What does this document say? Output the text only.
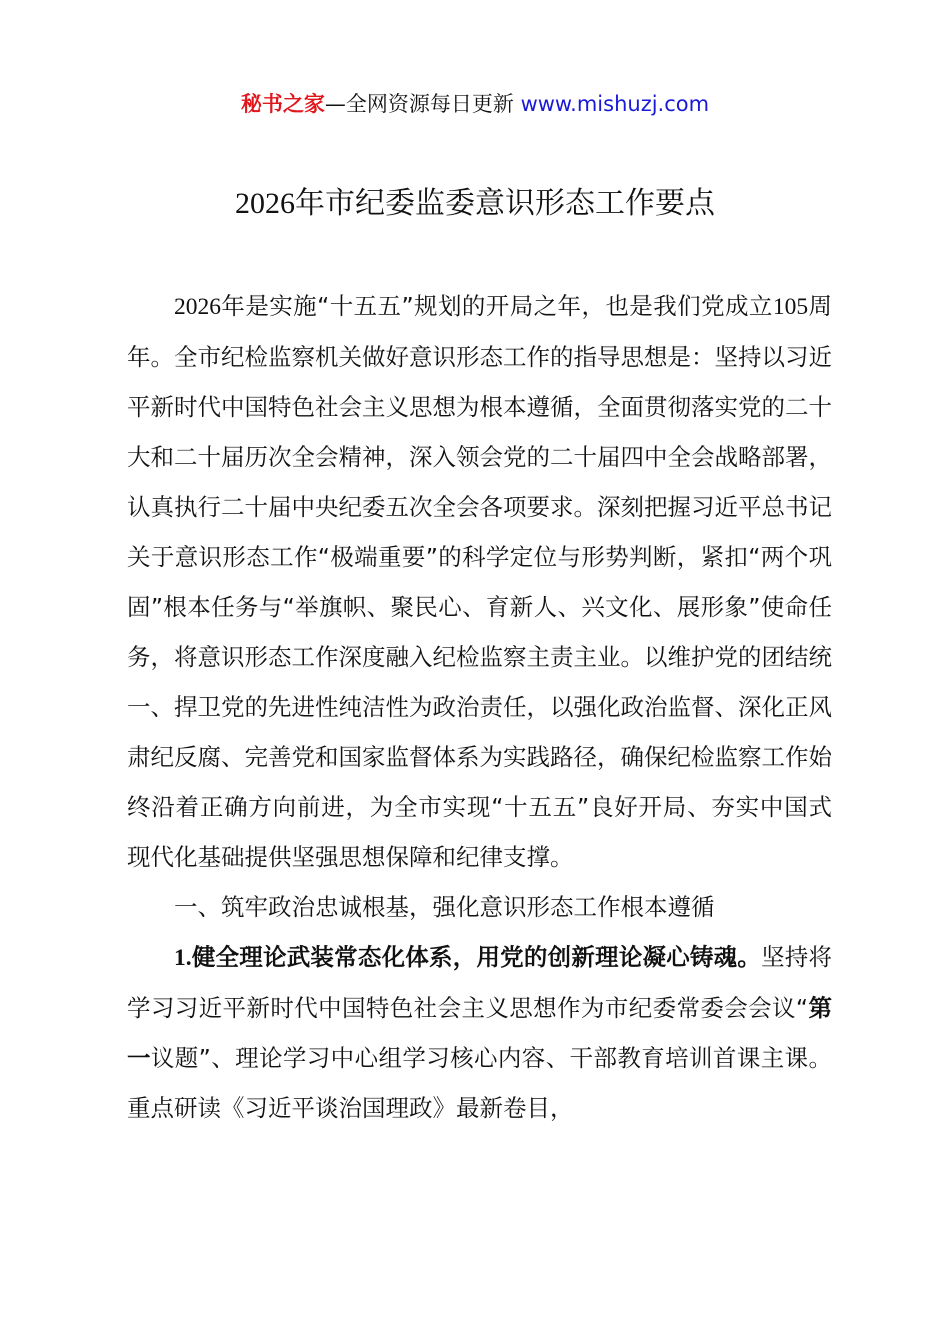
秘书之家—全网资源每日更新 www.mishuzj.com
2026年市纪委监委意识形态工作要点

2026年是实施“十五五”规划的开局之年，也是我们党成立105周年。全市纪检监察机关做好意识形态工作的指导思想是：坚持以习近平新时代中国特色社会主义思想为根本遵循，全面贯彻落实党的二十大和二十届历次全会精神，深入领会党的二十届四中全会战略部署，认真执行二十届中央纪委五次全会各项要求。深刻把握习近平总书记关于意识形态工作“极端重要”的科学定位与形势判断，紧扣“两个巩固”根本任务与“举旗帜、聚民心、育新人、兴文化、展形象”使命任务，将意识形态工作深度融入纪检监察主责主业。以维护党的团结统一、捍卫党的先进性纯洁性为政治责任，以强化政治监督、深化正风肃纪反腐、完善党和国家监督体系为实践路径，确保纪检监察工作始终沿着正确方向前进，为全市实现“十五五”良好开局、夯实中国式现代化基础提供坚强思想保障和纪律支撑。

一、筑牢政治忠诚根基，强化意识形态工作根本遵循

1.健全理论武装常态化体系，用党的创新理论凝心铸魂。坚持将学习习近平新时代中国特色社会主义思想作为市纪委常委会会议“第一议题”、理论学习中心组学习核心内容、干部教育培训首课主课。重点研读《习近平谈治国理政》最新卷目，
